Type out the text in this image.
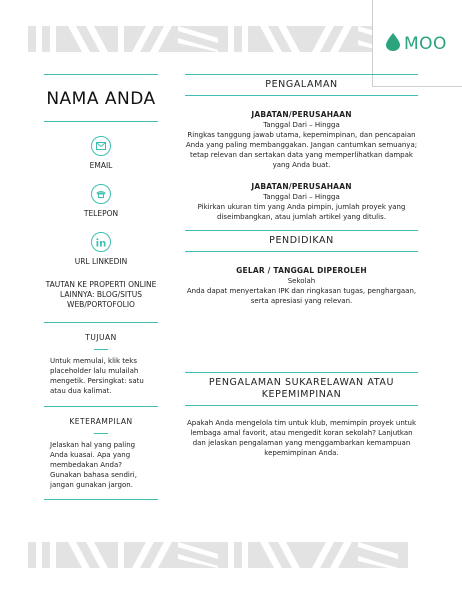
MOO
NAMA ANDA
EMAIL
TELEPON
URL LINKEDIN
TAUTAN KE PROPERTI ONLINE LAINNYA: BLOG/SITUS WEB/PORTOFOLIO
TUJUAN
Untuk memulai, klik teks placeholder lalu mulailah mengetik. Persingkat: satu atau dua kalimat.
KETERAMPILAN
Jelaskan hal yang paling Anda kuasai. Apa yang membedakan Anda? Gunakan bahasa sendiri, jangan gunakan jargon.
PENGALAMAN
JABATAN/PERUSAHAAN
Tanggal Dari – Hingga
Ringkas tanggung jawab utama, kepemimpinan, dan pencapaian Anda yang paling membanggakan. Jangan cantumkan semuanya; tetap relevan dan sertakan data yang memperlihatkan dampak yang Anda buat.
JABATAN/PERUSAHAAN
Tanggal Dari – Hingga
Pikirkan ukuran tim yang Anda pimpin, jumlah proyek yang diseimbangkan, atau jumlah artikel yang ditulis.
PENDIDIKAN
GELAR / TANGGAL DIPEROLEH
Sekolah
Anda dapat menyertakan IPK dan ringkasan tugas, penghargaan, serta apresiasi yang relevan.
PENGALAMAN SUKARELAWAN ATAU KEPEMIMPINAN
Apakah Anda mengelola tim untuk klub, memimpin proyek untuk lembaga amal favorit, atau mengedit koran sekolah? Lanjutkan dan jelaskan pengalaman yang menggambarkan kemampuan kepemimpinan Anda.
